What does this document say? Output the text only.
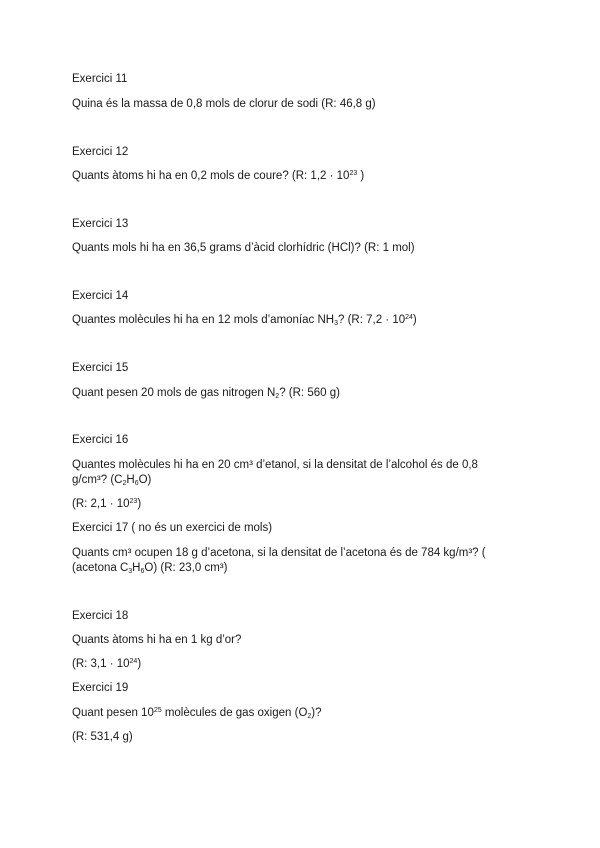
Exercici 11
Quina és la massa de 0,8 mols de clorur de sodi (R: 46,8 g)
Exercici 12
Quants àtoms hi ha en 0,2 mols de coure? (R: $1,2 \cdot 10^{23}$ )
Exercici 13
Quants mols hi ha en 36,5 grams d’àcid clorhídric (HCl)? (R: 1 mol)
Exercici 14
Quantes molècules hi ha en 12 mols d’amoníac $NH_3$? (R: $7,2 \cdot 10^{24}$)
Exercici 15
Quant pesen 20 mols de gas nitrogen $N_2$? (R: 560 g)
Exercici 16
Quantes molècules hi ha en 20 cm³ d’etanol, si la densitat de l’alcohol és de 0,8
g/cm³? $(C_2H_6O)$
(R: $2,1 \cdot 10^{23}$)
Exercici 17 ( no és un exercici de mols)
Quants cm³ ocupen 18 g d’acetona, si la densitat de l’acetona és de 784 kg/m³? (
(acetona $C_3H_6O$) (R: 23,0 cm³)
Exercici 18
Quants àtoms hi ha en 1 kg d’or?
(R: $3,1 \cdot 10^{24}$)
Exercici 19
Quant pesen $10^{25}$ molècules de gas oxigen $(O_2)$?
(R: 531,4 g)
